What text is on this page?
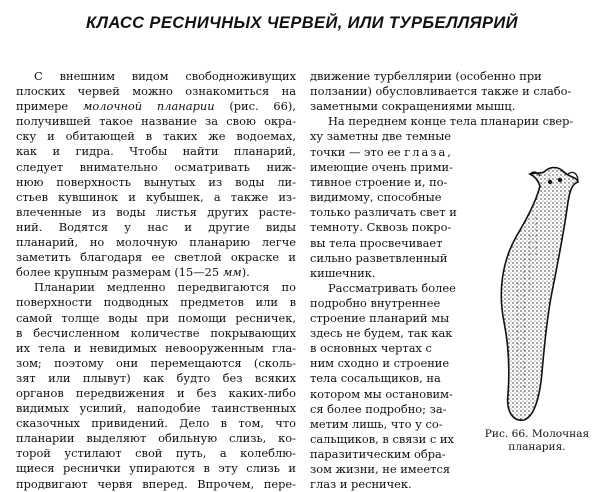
КЛАСС РЕСНИЧНЫХ ЧЕРВЕЙ, ИЛИ ТУРБЕЛЛЯРИЙ
С внешним видом свободноживущих
плоских червей можно ознакомиться на
примере молочной планарии (рис. 66),
получившей такое название за свою окра-
ску и обитающей в таких же водоемах,
как и гидра. Чтобы найти планарий,
следует внимательно осматривать ниж-
нюю поверхность вынутых из воды ли-
стьев кувшинок и кубышек, а также из-
влеченные из воды листья других расте-
ний. Водятся у нас и другие виды
планарий, но молочную планарию легче
заметить благодаря ее светлой окраске и
более крупным размерам (15—25 мм).
Планарии медленно передвигаются по
поверхности подводных предметов или в
самой толще воды при помощи ресничек,
в бесчисленном количестве покрывающих
их тела и невидимых невооруженным гла-
зом; поэтому они перемещаются (сколь-
зят или плывут) как будто без всяких
органов передвижения и без каких-либо
видимых усилий, наподобие таинственных
сказочных привидений. Дело в том, что
планарии выделяют обильную слизь, ко-
торой устилают свой путь, а колеблю-
щиеся реснички упираются в эту слизь и
продвигают червя вперед. Впрочем, пере-
движение турбеллярии (особенно при
ползании) обусловливается также и слабо-
заметными сокращениями мышц.
На переднем конце тела планарии свер-
ху заметны две темные
точки — это ее глаза,
имеющие очень прими-
тивное строение и, по-
видимому, способные
только различать свет и
темноту. Сквозь покро-
вы тела просвечивает
сильно разветвленный
кишечник.
Рассматривать более
подробно внутреннее
строение планарий мы
здесь не будем, так как
в основных чертах с
ним сходно и строение
тела сосальщиков, на
котором мы остановим-
ся более подробно; за-
метим лишь, что у со-
сальщиков, в связи с их
паразитическим обра-
зом жизни, не имеется
глаз и ресничек.
Рис. 66. Молочная
планария.
